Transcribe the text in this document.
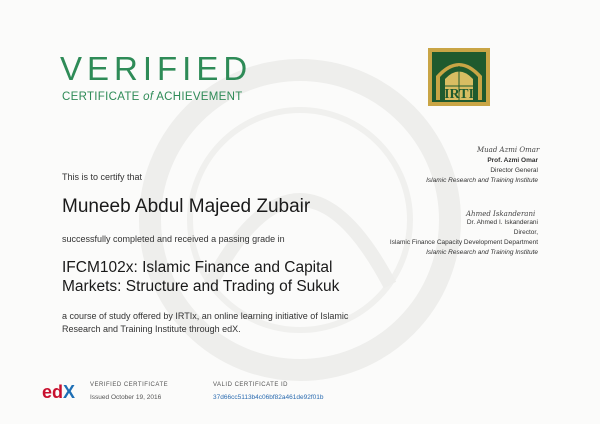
VERIFIED
CERTIFICATE of ACHIEVEMENT
This is to certify that
Muneeb Abdul Majeed Zubair
successfully completed and received a passing grade in
IFCM102x: Islamic Finance and Capital
Markets: Structure and Trading of Sukuk
a course of study offered by IRTIx, an online learning initiative of Islamic
Research and Training Institute through edX.
IRTI
Muad Azmi Omar
Prof. Azmi Omar
Director General
Islamic Research and Training Institute
Ahmed Iskanderani
Dr. Ahmed I. Iskanderani
Director,
Islamic Finance Capacity Development Department
Islamic Research and Training Institute
ed X VERIFIED CERTIFICATE
Issued October 19, 2016
VALID CERTIFICATE ID
37d66cc5113b4c06bf82a461de92f01b
